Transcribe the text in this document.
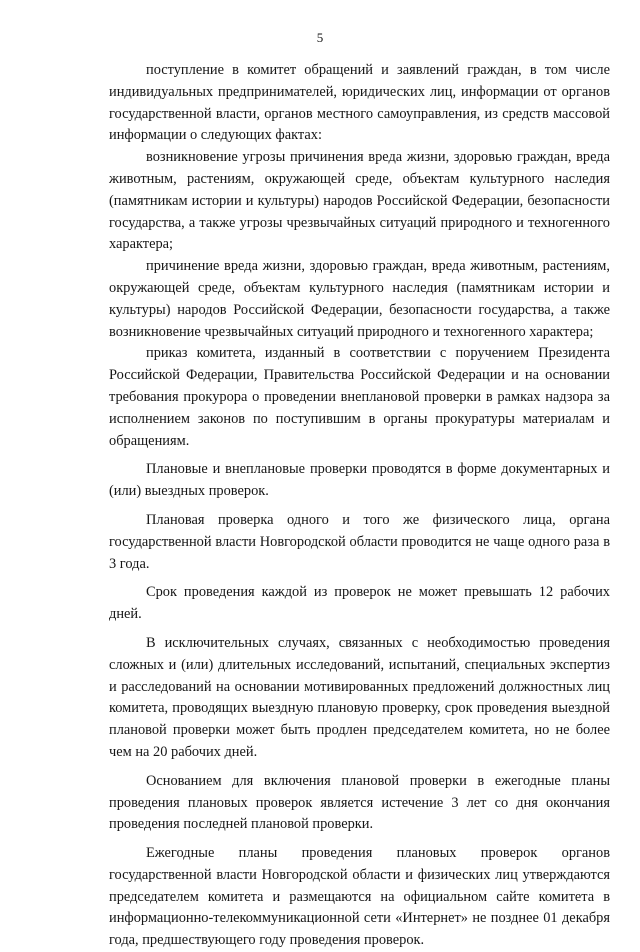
5

поступление в комитет обращений и заявлений граждан, в том числе индивидуальных предпринимателей, юридических лиц, информации от органов государственной власти, органов местного самоуправления, из средств массовой информации о следующих фактах:

возникновение угрозы причинения вреда жизни, здоровью граждан, вреда животным, растениям, окружающей среде, объектам культурного наследия (памятникам истории и культуры) народов Российской Федерации, безопасности государства, а также угрозы чрезвычайных ситуаций природного и техногенного характера;

причинение вреда жизни, здоровью граждан, вреда животным, растениям, окружающей среде, объектам культурного наследия (памятникам истории и культуры) народов Российской Федерации, безопасности государства, а также возникновение чрезвычайных ситуаций природного и техногенного характера;

приказ комитета, изданный в соответствии с поручением Президента Российской Федерации, Правительства Российской Федерации и на основании требования прокурора о проведении внеплановой проверки в рамках надзора за исполнением законов по поступившим в органы прокуратуры материалам и обращениям.

Плановые и внеплановые проверки проводятся в форме документарных и (или) выездных проверок.

Плановая проверка одного и того же физического лица, органа государственной власти Новгородской области проводится не чаще одного раза в 3 года.

Срок проведения каждой из проверок не может превышать 12 рабочих дней.

В исключительных случаях, связанных с необходимостью проведения сложных и (или) длительных исследований, испытаний, специальных экспертиз и расследований на основании мотивированных предложений должностных лиц комитета, проводящих выездную плановую проверку, срок проведения выездной плановой проверки может быть продлен председателем комитета, но не более чем на 20 рабочих дней.

Основанием для включения плановой проверки в ежегодные планы проведения плановых проверок является истечение 3 лет со дня окончания проведения последней плановой проверки.

Ежегодные планы проведения плановых проверок органов государственной власти Новгородской области и физических лиц утверждаются председателем комитета и размещаются на официальном сайте комитета в информационно-телекоммуникационной сети «Интернет» не позднее 01 декабря года, предшествующего году проведения проверок.
